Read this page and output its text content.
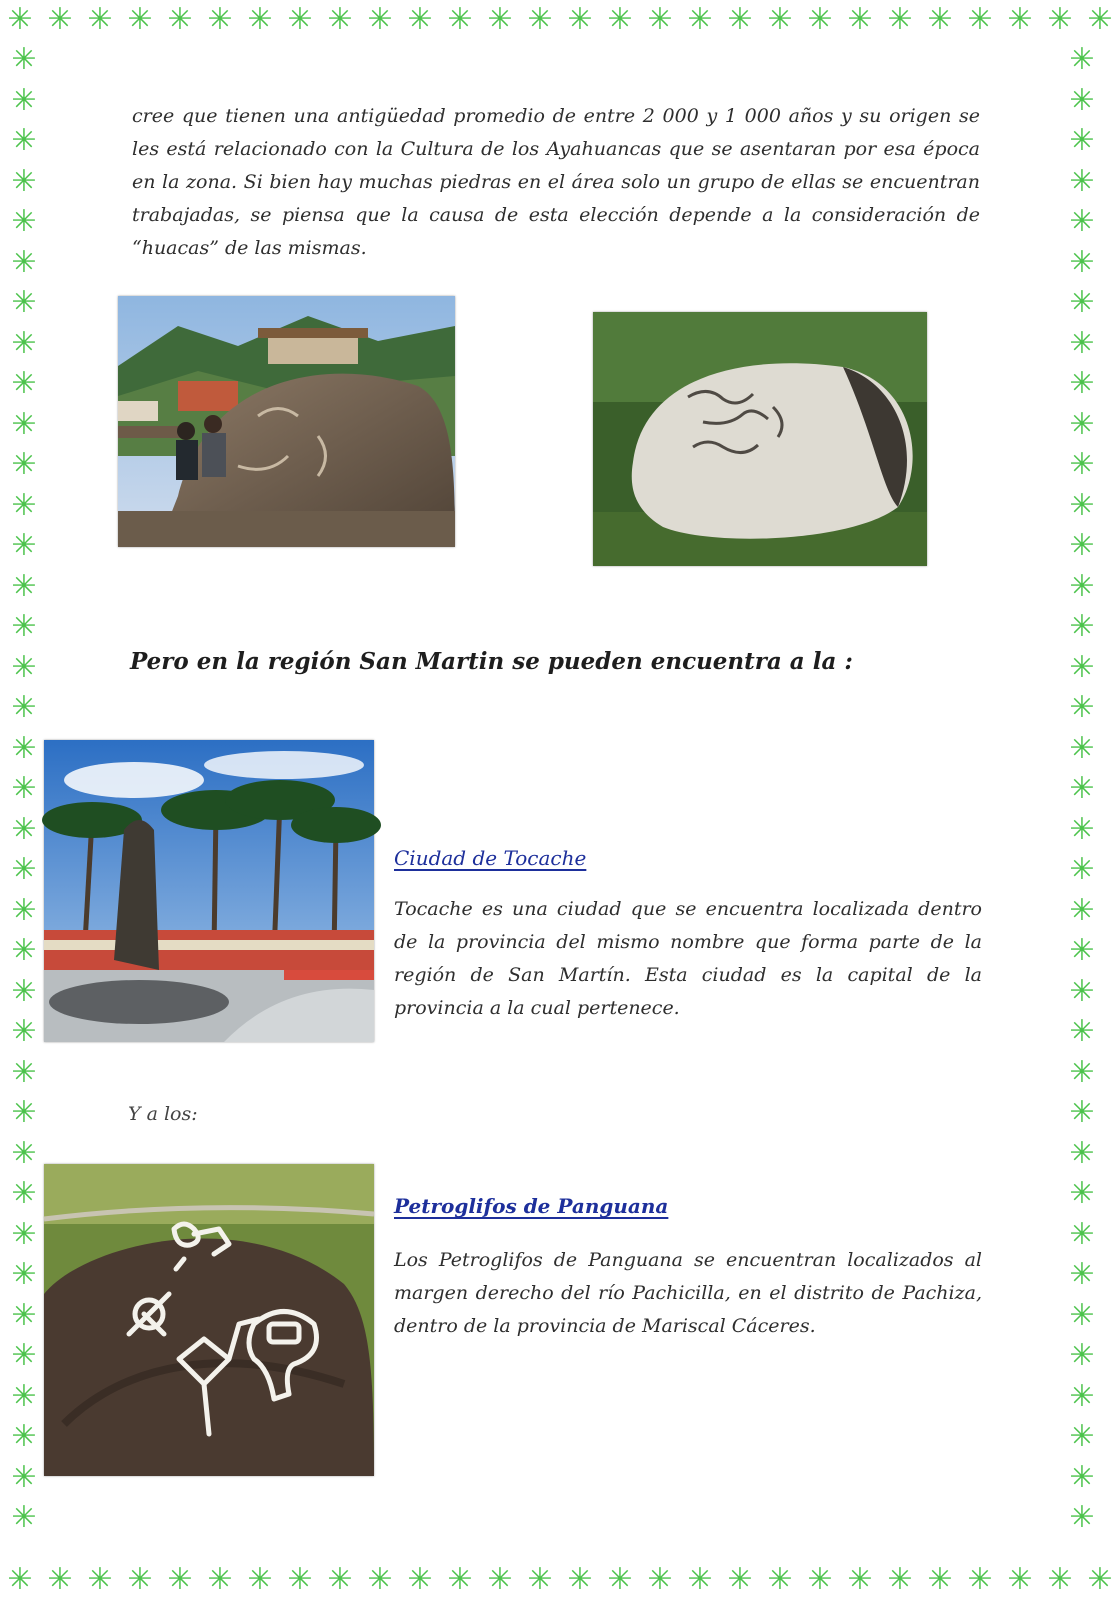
✳ ✳ ✳ ✳ ✳ ✳ ✳ ✳ ✳ ✳ ✳ ✳ ✳ ✳ ✳ ✳ ✳ ✳ ✳ ✳ ✳ ✳ ✳ ✳ ✳ ✳ ✳ ✳
✳ ✳ ✳ ✳ ✳ ✳ ✳ ✳ ✳ ✳ ✳ ✳ ✳ ✳ ✳ ✳ ✳ ✳ ✳ ✳ ✳ ✳ ✳ ✳ ✳ ✳ ✳ ✳
✳
✳
✳
✳
✳
✳
✳
✳
✳
✳
✳
✳
✳
✳
✳
✳
✳
✳
✳
✳
✳
✳
✳
✳
✳
✳
✳
✳
✳
✳
✳
✳
✳
✳
✳
✳
✳
✳
✳
✳
✳
✳
✳
✳
✳
✳
✳
✳
✳
✳
✳
✳
✳
✳
✳
✳
✳
✳
✳
✳
✳
✳
✳
✳
✳
✳
✳
✳
✳
✳
✳
✳
✳
✳

cree que tienen una antigüedad promedio de entre 2 000 y 1 000 años y su origen se les está relacionado con la Cultura de los Ayahuancas que se asentaran por esa época en la zona. Si bien hay muchas piedras en el área solo un grupo de ellas se encuentran trabajadas, se piensa que la causa de esta elección depende a la consideración de “huacas” de las mismas.

Pero en la región San Martin se pueden encuentra a la :
Ciudad de Tocache

Tocache es una ciudad que se encuentra localizada dentro de la provincia del mismo nombre que forma parte de la región de San Martín. Esta ciudad es la capital de la provincia a la cual pertenece.

Y a los:
Petroglifos de Panguana

Los Petroglifos de Panguana se encuentran localizados al margen derecho del río Pachicilla, en el distrito de Pachiza, dentro de la provincia de Mariscal Cáceres.
